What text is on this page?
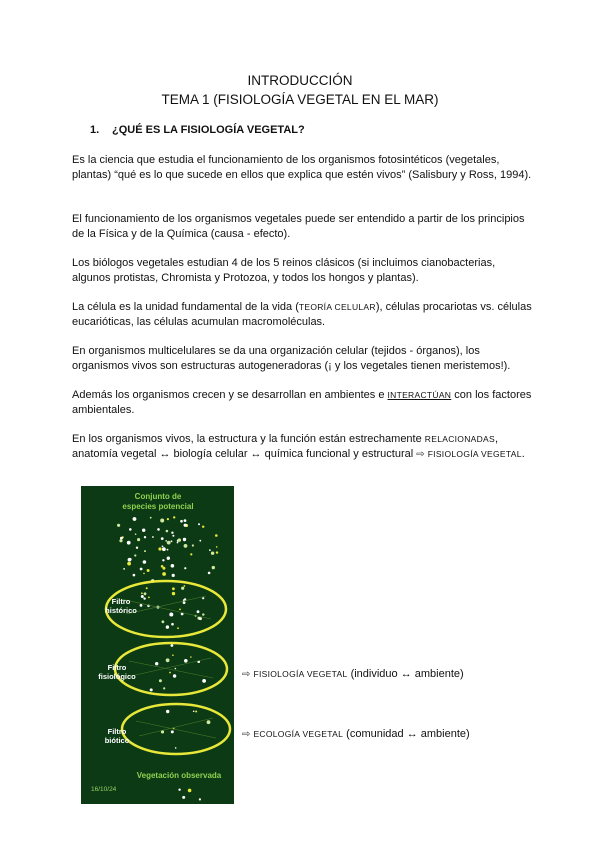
INTRODUCCIÓN
TEMA 1 (FISIOLOGÍA VEGETAL EN EL MAR)
1. ¿QUÉ ES LA FISIOLOGÍA VEGETAL?

Es la ciencia que estudia el funcionamiento de los organismos fotosintéticos (vegetales, plantas) “qué es lo que sucede en ellos que explica que estén vivos” (Salisbury y Ross, 1994).

El funcionamiento de los organismos vegetales puede ser entendido a partir de los principios de la Física y de la Química (causa - efecto).

Los biólogos vegetales estudian 4 de los 5 reinos clásicos (si incluimos cianobacterias, algunos protistas, Chromista y Protozoa, y todos los hongos y plantas).

La célula es la unidad fundamental de la vida (TEORÍA CELULAR), células procariotas vs. células eucarióticas, las células acumulan macromoléculas.

En organismos multicelulares se da una organización celular (tejidos - órganos), los organismos vivos son estructuras autogeneradoras (¡ y los vegetales tienen meristemos!).

Además los organismos crecen y se desarrollan en ambientes e INTERACTÚAN con los factores ambientales.

En los organismos vivos, la estructura y la función están estrechamente RELACIONADAS, anatomía vegetal ↔ biología celular ↔ química funcional y estructural ⇨ FISIOLOGÍA VEGETAL.

Conjunto de
especies potencial
Filtro
histórico
Filtro
fisiológico
Filtro
biótico
Vegetación observada
16/10/24
⇨ FISIOLOGÍA VEGETAL (individuo ↔ ambiente)
⇨ ECOLOGÍA VEGETAL (comunidad ↔ ambiente)
